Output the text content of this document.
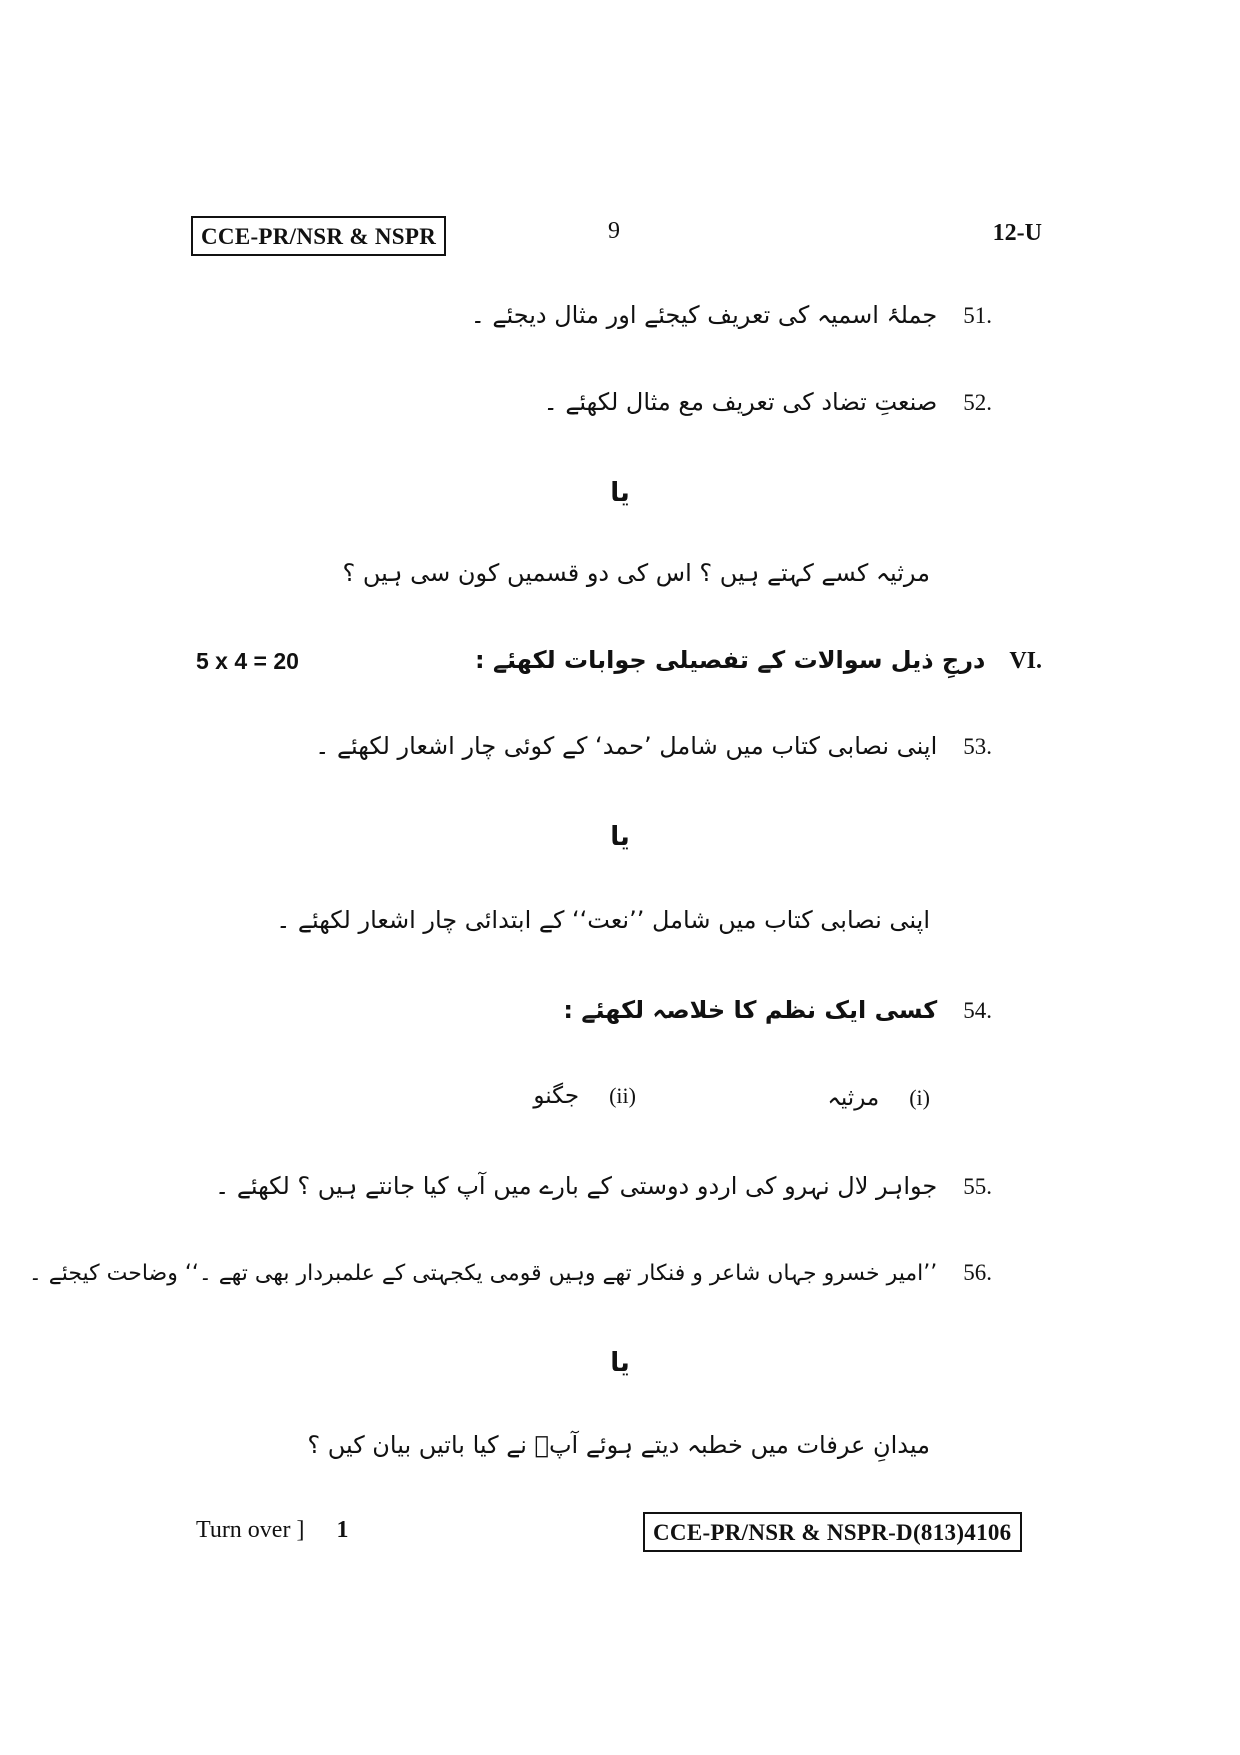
CCE-PR/NSR & NSPR	9	12-U
51.جملۂ اسمیہ کی تعریف کیجئے اور مثال دیجئے ۔
52.صنعتِ تضاد کی تعریف مع مثال لکھئے ۔
یا
مرثیہ کسے کہتے ہیں ؟ اس کی دو قسمیں کون سی ہیں ؟
VI.درجِ ذیل سوالات کے تفصیلی جوابات لکھئے :
5 x 4 = 20
53.اپنی نصابی کتاب میں شامل ’حمد‘ کے کوئی چار اشعار لکھئے ۔
یا
اپنی نصابی کتاب میں شامل ’’نعت‘‘ کے ابتدائی چار اشعار لکھئے ۔
54.کسی ایک نظم کا خلاصہ لکھئے :
(i)مرثیہ
(ii)جگنو
55.جواہر لال نہرو کی اردو دوستی کے بارے میں آپ کیا جانتے ہیں ؟ لکھئے ۔
56.’’امیر خسرو جہاں شاعر و فنکار تھے وہیں قومی یکجہتی کے علمبردار بھی تھے ۔‘‘ وضاحت کیجئے ۔
یا
میدانِ عرفات میں خطبہ دیتے ہوئے آپؐ نے کیا باتیں بیان کیں ؟
Turn over ] 1	CCE-PR/NSR & NSPR-D(813)4106
